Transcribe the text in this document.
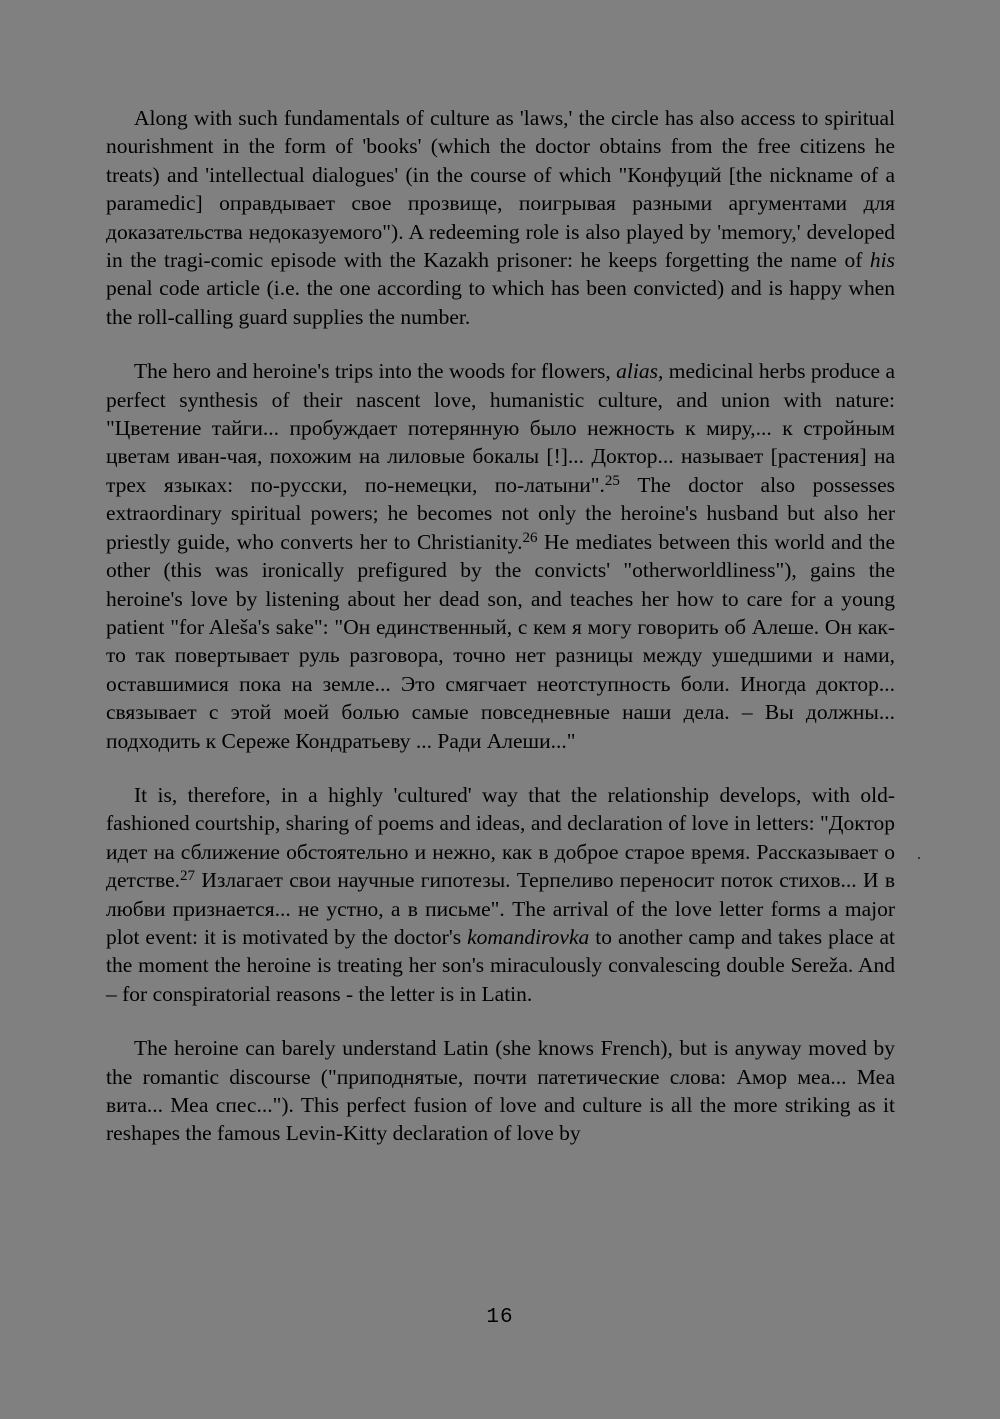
Along with such fundamentals of culture as 'laws,' the circle has also access to spiritual nourishment in the form of 'books' (which the doctor obtains from the free citizens he treats) and 'intellectual dialogues' (in the course of which "Конфуций [the nickname of a paramedic] оправдывает свое прозвище, поигрывая разными аргументами для доказательства недоказуемого"). A redeeming role is also played by 'memory,' developed in the tragi-comic episode with the Kazakh prisoner: he keeps forgetting the name of his penal code article (i.e. the one according to which has been convicted) and is happy when the roll-calling guard supplies the number.

The hero and heroine's trips into the woods for flowers, alias, medicinal herbs produce a perfect synthesis of their nascent love, humanistic culture, and union with nature: "Цветение тайги... пробуждает потерянную было нежность к миру,... к стройным цветам иван-чая, похожим на лиловые бокалы [!]... Доктор... называет [растения] на трех языках: по-русски, по-немецки, по-латыни".$^{25}$ The doctor also possesses extraordinary spiritual powers; he becomes not only the heroine's husband but also her priestly guide, who converts her to Christianity.$^{26}$ He mediates between this world and the other (this was ironically prefigured by the convicts' "otherworldliness"), gains the heroine's love by listening about her dead son, and teaches her how to care for a young patient "for Aleša's sake": "Он единственный, с кем я могу говорить об Алеше. Он как-то так повертывает руль разговора, точно нет разницы между ушедшими и нами, оставшимися пока на земле... Это смягчает неотступность боли. Иногда доктор... связывает с этой моей болью самые повседневные наши дела. – Вы должны... подходить к Сереже Кондратьеву ... Ради Алеши..."

It is, therefore, in a highly 'cultured' way that the relationship develops, with old-fashioned courtship, sharing of poems and ideas, and declaration of love in letters: "Доктор идет на сближение обстоятельно и нежно, как в доброе старое время. Рассказывает о детстве.$^{27}$ Излагает свои научные гипотезы. Терпеливо переносит поток стихов... И в любви признается... не устно, а в письме". The arrival of the love letter forms a major plot event: it is motivated by the doctor's komandirovka to another camp and takes place at the moment the heroine is treating her son's miraculously convalescing double Sereža. And – for conspiratorial reasons - the letter is in Latin.

The heroine can barely understand Latin (she knows French), but is anyway moved by the romantic discourse ("приподнятые, почти патетические слова: Амор меа... Меа вита... Меа спес..."). This perfect fusion of love and culture is all the more striking as it reshapes the famous Levin-Kitty declaration of love by

16
